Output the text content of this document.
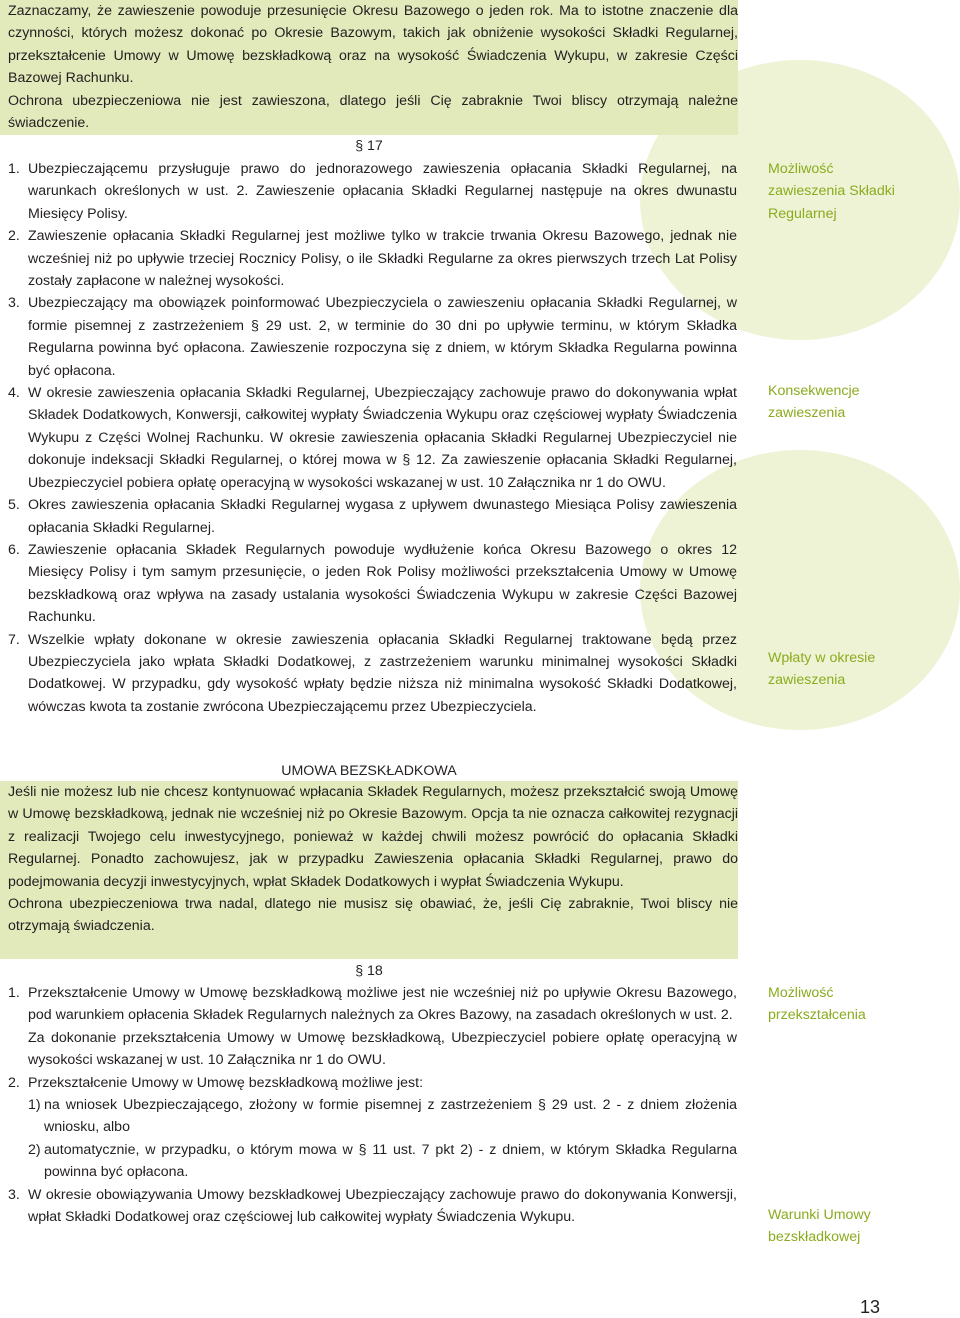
Zaznaczamy, że zawieszenie powoduje przesunięcie Okresu Bazowego o jeden rok. Ma to istotne znaczenie dla czynności, których możesz dokonać po Okresie Bazowym, takich jak obniżenie wysokości Składki Regularnej, przekształcenie Umowy w Umowę bezskładkową oraz na wysokość Świadczenia Wykupu, w zakresie Części Bazowej Rachunku.

Ochrona ubezpieczeniowa nie jest zawieszona, dlatego jeśli Cię zabraknie Twoi bliscy otrzymają należne świadczenie.

§ 17
1. Ubezpieczającemu przysługuje prawo do jednorazowego zawieszenia opłacania Składki Regularnej, na warunkach określonych w ust. 2. Zawieszenie opłacania Składki Regularnej następuje na okres dwunastu Miesięcy Polisy.
2. Zawieszenie opłacania Składki Regularnej jest możliwe tylko w trakcie trwania Okresu Bazowego, jednak nie wcześniej niż po upływie trzeciej Rocznicy Polisy, o ile Składki Regularne za okres pierwszych trzech Lat Polisy zostały zapłacone w należnej wysokości.
3. Ubezpieczający ma obowiązek poinformować Ubezpieczyciela o zawieszeniu opłacania Składki Regularnej, w formie pisemnej z zastrzeżeniem § 29 ust. 2, w terminie do 30 dni po upływie terminu, w którym Składka Regularna powinna być opłacona. Zawieszenie rozpoczyna się z dniem, w którym Składka Regularna powinna być opłacona.
4. W okresie zawieszenia opłacania Składki Regularnej, Ubezpieczający zachowuje prawo do dokonywania wpłat Składek Dodatkowych, Konwersji, całkowitej wypłaty Świadczenia Wykupu oraz częściowej wypłaty Świadczenia Wykupu z Części Wolnej Rachunku. W okresie zawieszenia opłacania Składki Regularnej Ubezpieczyciel nie dokonuje indeksacji Składki Regularnej, o której mowa w § 12. Za zawieszenie opłacania Składki Regularnej, Ubezpieczyciel pobiera opłatę operacyjną w wysokości wskazanej w ust. 10 Załącznika nr 1 do OWU.
5. Okres zawieszenia opłacania Składki Regularnej wygasa z upływem dwunastego Miesiąca Polisy zawieszenia opłacania Składki Regularnej.
6. Zawieszenie opłacania Składek Regularnych powoduje wydłużenie końca Okresu Bazowego o okres 12 Miesięcy Polisy i tym samym przesunięcie, o jeden Rok Polisy możliwości przekształcenia Umowy w Umowę bezskładkową oraz wpływa na zasady ustalania wysokości Świadczenia Wykupu w zakresie Części Bazowej Rachunku.
7. Wszelkie wpłaty dokonane w okresie zawieszenia opłacania Składki Regularnej traktowane będą przez Ubezpieczyciela jako wpłata Składki Dodatkowej, z zastrzeżeniem warunku minimalnej wysokości Składki Dodatkowej. W przypadku, gdy wysokość wpłaty będzie niższa niż minimalna wysokość Składki Dodatkowej, wówczas kwota ta zostanie zwrócona Ubezpieczającemu przez Ubezpieczyciela.
Możliwość
zawieszenia Składki
Regularnej
Konsekwencje
zawieszenia
Wpłaty w okresie
zawieszenia
UMOWA BEZSKŁADKOWA

Jeśli nie możesz lub nie chcesz kontynuować wpłacania Składek Regularnych, możesz przekształcić swoją Umowę w Umowę bezskładkową, jednak nie wcześniej niż po Okresie Bazowym. Opcja ta nie oznacza całkowitej rezygnacji z realizacji Twojego celu inwestycyjnego, ponieważ w każdej chwili możesz powrócić do opłacania Składki Regularnej. Ponadto zachowujesz, jak w przypadku Zawieszenia opłacania Składki Regularnej, prawo do podejmowania decyzji inwestycyjnych, wpłat Składek Dodatkowych i wypłat Świadczenia Wykupu.

Ochrona ubezpieczeniowa trwa nadal, dlatego nie musisz się obawiać, że, jeśli Cię zabraknie, Twoi bliscy nie otrzymają świadczenia.

§ 18
1. Przekształcenie Umowy w Umowę bezskładkową możliwe jest nie wcześniej niż po upływie Okresu Bazowego, pod warunkiem opłacenia Składek Regularnych należnych za Okres Bazowy, na zasadach określonych w ust. 2.
Za dokonanie przekształcenia Umowy w Umowę bezskładkową, Ubezpieczyciel pobiere opłatę operacyjną w wysokości wskazanej w ust. 10 Załącznika nr 1 do OWU.
2. Przekształcenie Umowy w Umowę bezskładkową możliwe jest:
1) na wniosek Ubezpieczającego, złożony w formie pisemnej z zastrzeżeniem § 29 ust. 2 - z dniem złożenia wniosku, albo
2) automatycznie, w przypadku, o którym mowa w § 11 ust. 7 pkt 2) - z dniem, w którym Składka Regularna powinna być opłacona.
3. W okresie obowiązywania Umowy bezskładkowej Ubezpieczający zachowuje prawo do dokonywania Konwersji, wpłat Składki Dodatkowej oraz częściowej lub całkowitej wypłaty Świadczenia Wykupu.
Możliwość
przekształcenia
Warunki Umowy
bezskładkowej
13
